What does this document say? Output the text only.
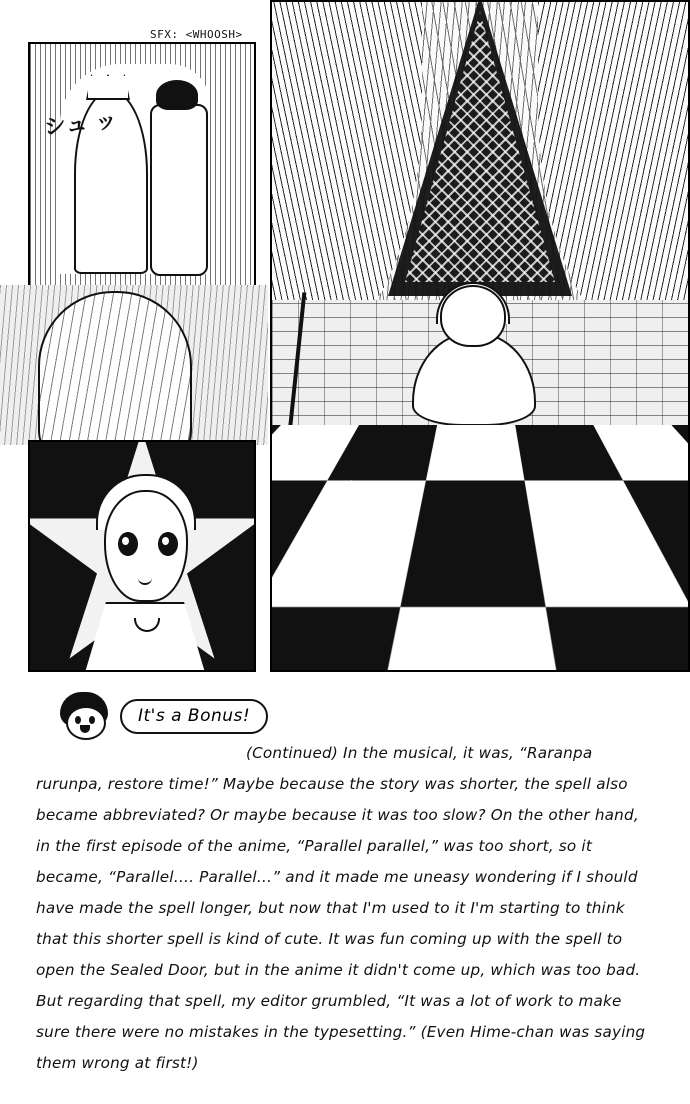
SFX: <WHOOSH>
シュ ッ
It's a Bonus!
(Continued) In the musical, it was, “Raranpa rurunpa, restore time!” Maybe because the story was shorter, the spell also became abbreviated? Or maybe because it was too slow? On the other hand, in the first episode of the anime, “Parallel parallel,” was too short, so it became, “Parallel…. Parallel…” and it made me uneasy wondering if I should have made the spell longer, but now that I'm used to it I'm starting to think that this shorter spell is kind of cute. It was fun coming up with the spell to open the Sealed Door, but in the anime it didn't come up, which was too bad. But regarding that spell, my editor grumbled, “It was a lot of work to make sure there were no mistakes in the typesetting.” (Even Hime-chan was saying them wrong at first!)
